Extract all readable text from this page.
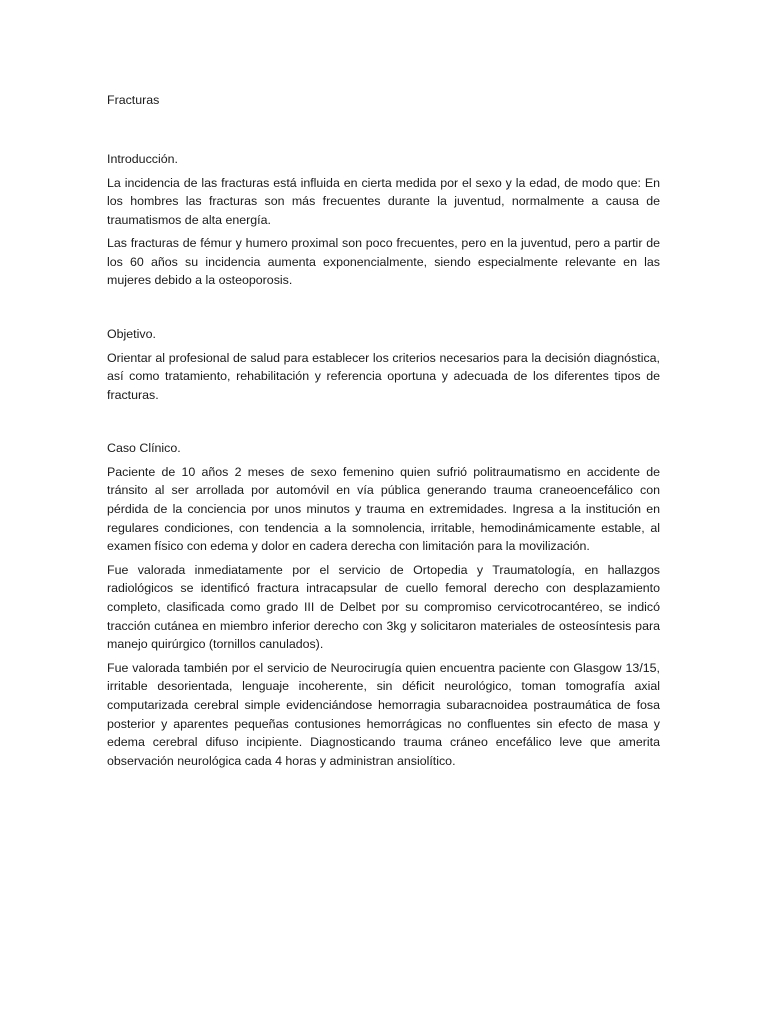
Fracturas

Introducción.

La incidencia de las fracturas está influida en cierta medida por el sexo y la edad, de modo que: En los hombres las fracturas son más frecuentes durante la juventud, normalmente a causa de traumatismos de alta energía.

Las fracturas de fémur y humero proximal son poco frecuentes, pero en la juventud, pero a partir de los 60 años su incidencia aumenta exponencialmente, siendo especialmente relevante en las mujeres debido a la osteoporosis.

Objetivo.

Orientar al profesional de salud para establecer los criterios necesarios para la decisión diagnóstica, así como tratamiento, rehabilitación y referencia oportuna y adecuada de los diferentes tipos de fracturas.

Caso Clínico.

Paciente de 10 años 2 meses de sexo femenino quien sufrió politraumatismo en accidente de tránsito al ser arrollada por automóvil en vía pública generando trauma craneoencefálico con pérdida de la conciencia por unos minutos y trauma en extremidades. Ingresa a la institución en regulares condiciones, con tendencia a la somnolencia, irritable, hemodinámicamente estable, al examen físico con edema y dolor en cadera derecha con limitación para la movilización.

Fue valorada inmediatamente por el servicio de Ortopedia y Traumatología, en hallazgos radiológicos se identificó fractura intracapsular de cuello femoral derecho con desplazamiento completo, clasificada como grado III de Delbet por su compromiso cervicotrocantéreo, se indicó tracción cutánea en miembro inferior derecho con 3kg y solicitaron materiales de osteosíntesis para manejo quirúrgico (tornillos canulados).

Fue valorada también por el servicio de Neurocirugía quien encuentra paciente con Glasgow 13/15, irritable desorientada, lenguaje incoherente, sin déficit neurológico, toman tomografía axial computarizada cerebral simple evidenciándose hemorragia subaracnoidea postraumática de fosa posterior y aparentes pequeñas contusiones hemorrágicas no confluentes sin efecto de masa y edema cerebral difuso incipiente. Diagnosticando trauma cráneo encefálico leve que amerita observación neurológica cada 4 horas y administran ansiolítico.
